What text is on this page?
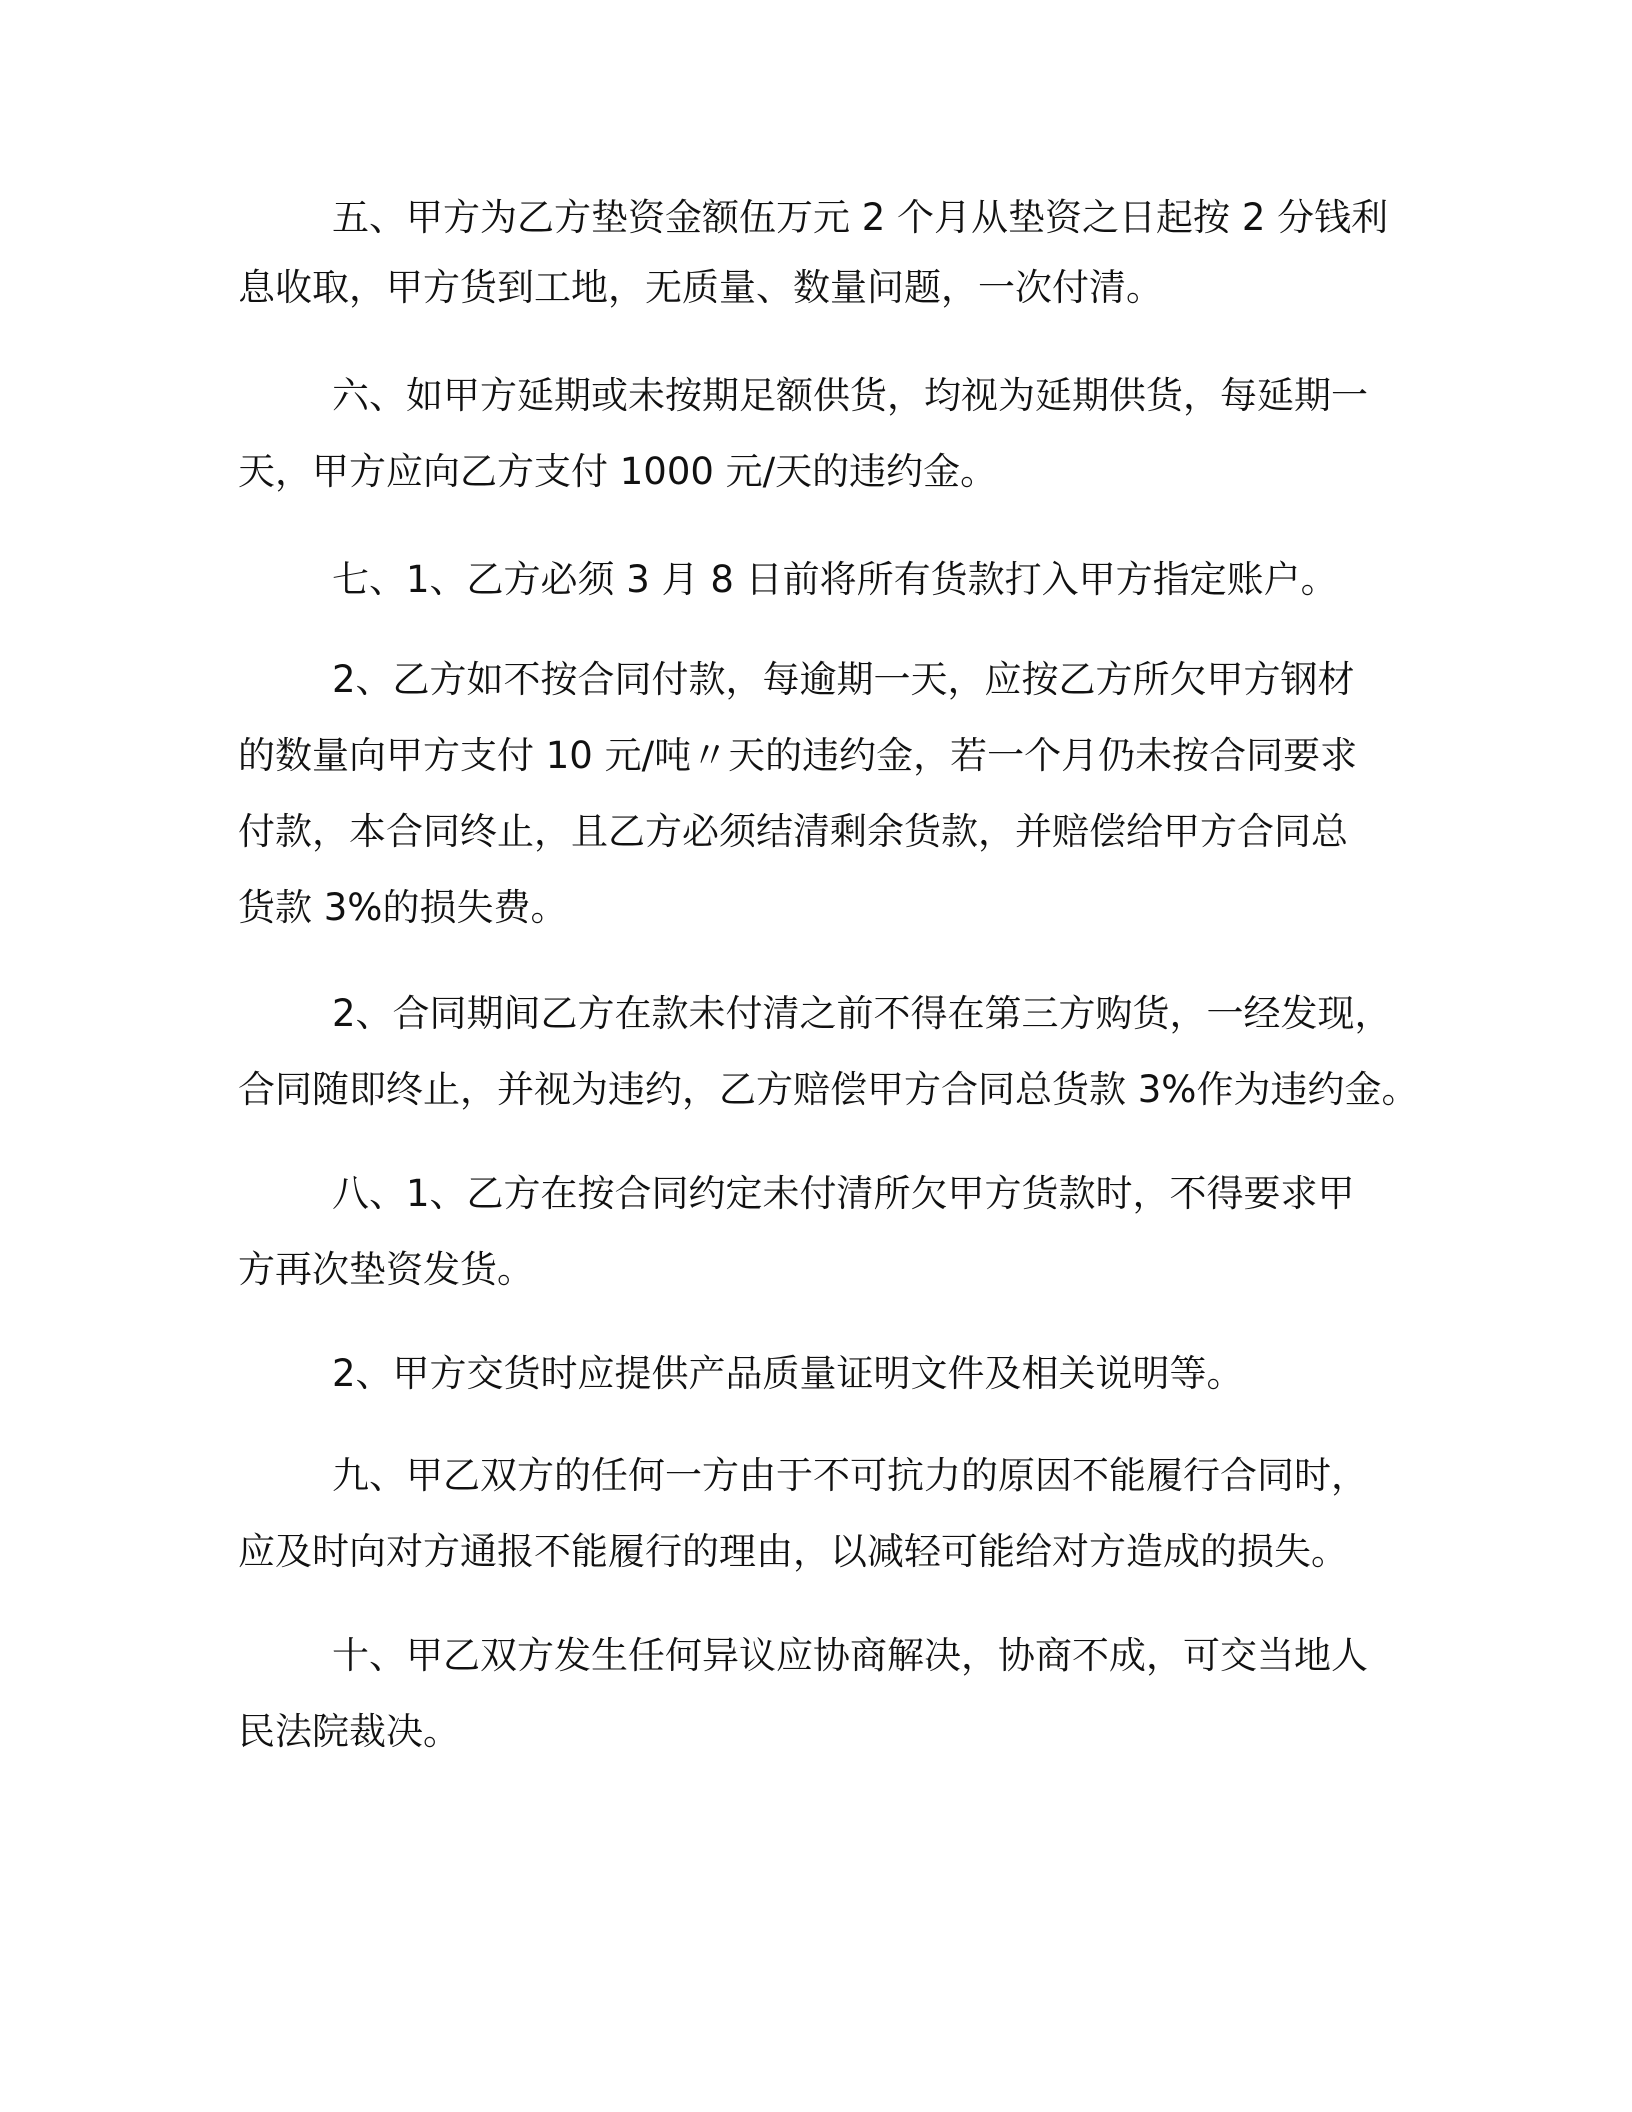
五、甲方为乙方垫资金额伍万元 2 个月从垫资之日起按 2 分钱利

息收取，甲方货到工地，无质量、数量问题，一次付清。

六、如甲方延期或未按期足额供货，均视为延期供货，每延期一

天，甲方应向乙方支付 1000 元/天的违约金。

七、1、乙方必须 3 月 8 日前将所有货款打入甲方指定账户。

2、乙方如不按合同付款，每逾期一天，应按乙方所欠甲方钢材

的数量向甲方支付 10 元/吨〃天的违约金，若一个月仍未按合同要求

付款，本合同终止，且乙方必须结清剩余货款，并赔偿给甲方合同总

货款 3%的损失费。

2、合同期间乙方在款未付清之前不得在第三方购货，一经发现，

合同随即终止，并视为违约，乙方赔偿甲方合同总货款 3%作为违约金。

八、1、乙方在按合同约定未付清所欠甲方货款时，不得要求甲

方再次垫资发货。

2、甲方交货时应提供产品质量证明文件及相关说明等。

九、甲乙双方的任何一方由于不可抗力的原因不能履行合同时，

应及时向对方通报不能履行的理由，以减轻可能给对方造成的损失。

十、甲乙双方发生任何异议应协商解决，协商不成，可交当地人

民法院裁决。
